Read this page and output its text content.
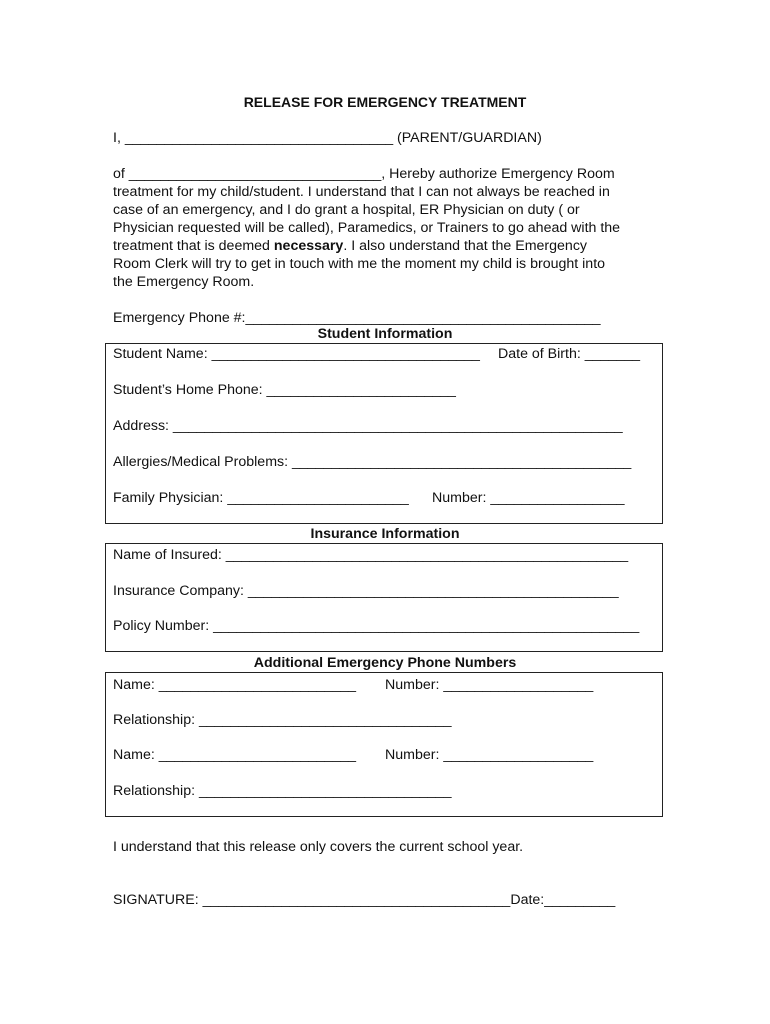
RELEASE FOR EMERGENCY TREATMENT
I, __________________________________ (PARENT/GUARDIAN)

of ________________________________, Hereby authorize Emergency Room

treatment for my child/student. I understand that I can not always be reached in

case of an emergency, and I do grant a hospital, ER Physician on duty ( or

Physician requested will be called), Paramedics, or Trainers to go ahead with the

treatment that is deemed necessary. I also understand that the Emergency

Room Clerk will try to get in touch with me the moment my child is brought into

the Emergency Room.

Emergency Phone #:_____________________________________________
Student Information
Student Name: __________________________________ Date of Birth: _______
Student’s Home Phone: ________________________
Address: _________________________________________________________
Allergies/Medical Problems: ___________________________________________
Family Physician: _______________________ Number: _________________
Insurance Information
Name of Insured: ___________________________________________________
Insurance Company: _______________________________________________
Policy Number: ______________________________________________________
Additional Emergency Phone Numbers
Name: _________________________ Number: ___________________
Relationship: ________________________________
Name: _________________________ Number: ___________________
Relationship: ________________________________
I understand that this release only covers the current school year.
SIGNATURE: _______________________________________Date:_________
